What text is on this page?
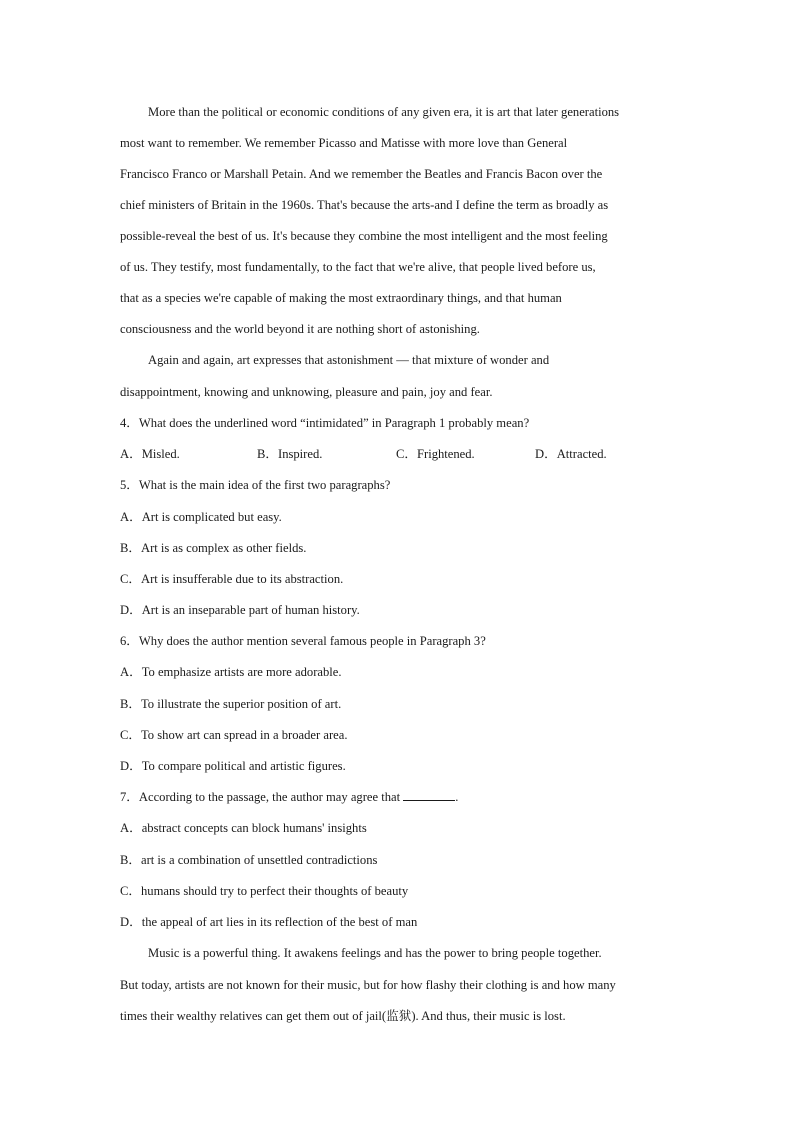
More than the political or economic conditions of any given era, it is art that later generations
most want to remember. We remember Picasso and Matisse with more love than General
Francisco Franco or Marshall Petain. And we remember the Beatles and Francis Bacon over the
chief ministers of Britain in the 1960s. That's because the arts-and I define the term as broadly as
possible-reveal the best of us. It's because they combine the most intelligent and the most feeling
of us. They testify, most fundamentally, to the fact that we're alive, that people lived before us,
that as a species we're capable of making the most extraordinary things, and that human
consciousness and the world beyond it are nothing short of astonishing.
Again and again, art expresses that astonishment — that mixture of wonder and
disappointment, knowing and unknowing, pleasure and pain, joy and fear.
4．What does the underlined word “intimidated” in Paragraph 1 probably mean?
A．Misled.	B．Inspired.	C．Frightened.	D．Attracted.
5．What is the main idea of the first two paragraphs?
A．Art is complicated but easy.
B．Art is as complex as other fields.
C．Art is insufferable due to its abstraction.
D．Art is an inseparable part of human history.
6．Why does the author mention several famous people in Paragraph 3?
A．To emphasize artists are more adorable.
B．To illustrate the superior position of art.
C．To show art can spread in a broader area.
D．To compare political and artistic figures.
7．According to the passage, the author may agree that	.
A．abstract concepts can block humans' insights
B．art is a combination of unsettled contradictions
C．humans should try to perfect their thoughts of beauty
D．the appeal of art lies in its reflection of the best of man
Music is a powerful thing. It awakens feelings and has the power to bring people together.
But today, artists are not known for their music, but for how flashy their clothing is and how many
times their wealthy relatives can get them out of jail(监狱). And thus, their music is lost.
